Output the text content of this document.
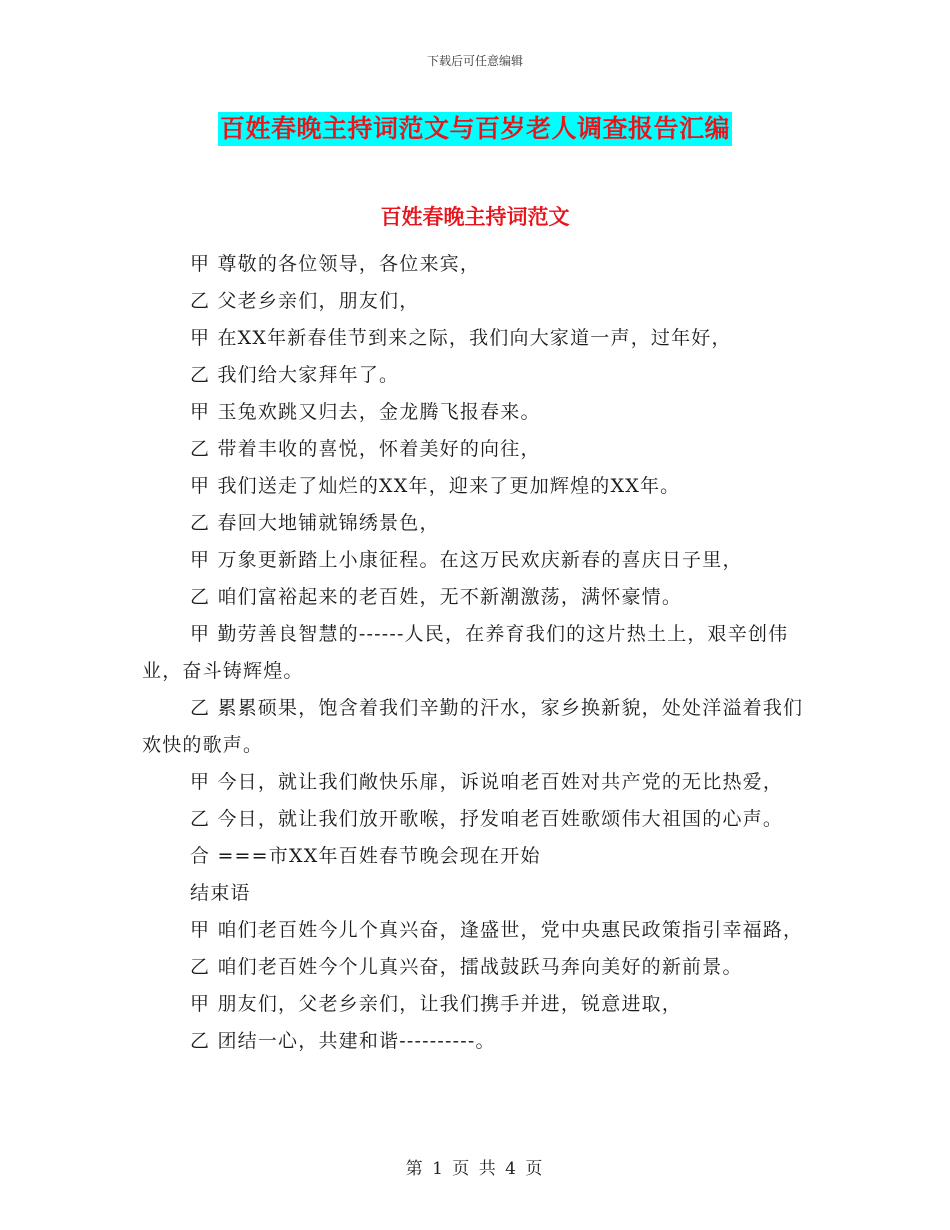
下载后可任意编辑
百姓春晚主持词范文与百岁老人调查报告汇编
百姓春晚主持词范文

甲 尊敬的各位领导，各位来宾，

乙 父老乡亲们，朋友们，

甲 在XX年新春佳节到来之际，我们向大家道一声，过年好，

乙 我们给大家拜年了。

甲 玉兔欢跳又归去，金龙腾飞报春来。

乙 带着丰收的喜悦，怀着美好的向往，

甲 我们送走了灿烂的XX年，迎来了更加辉煌的XX年。

乙 春回大地铺就锦绣景色，

甲 万象更新踏上小康征程。在这万民欢庆新春的喜庆日子里，

乙 咱们富裕起来的老百姓，无不新潮激荡，满怀豪情。

甲 勤劳善良智慧的------人民，在养育我们的这片热土上，艰辛创伟业，奋斗铸辉煌。

乙 累累硕果，饱含着我们辛勤的汗水，家乡换新貌，处处洋溢着我们欢快的歌声。

甲 今日，就让我们敞快乐扉，诉说咱老百姓对共产党的无比热爱，

乙 今日，就让我们放开歌喉，抒发咱老百姓歌颂伟大祖国的心声。

合 ===市XX年百姓春节晚会现在开始

结束语

甲 咱们老百姓今儿个真兴奋，逢盛世，党中央惠民政策指引幸福路，

乙 咱们老百姓今个儿真兴奋，擂战鼓跃马奔向美好的新前景。

甲 朋友们，父老乡亲们，让我们携手并进，锐意进取，

乙 团结一心，共建和谐----------。

第 1 页 共 4 页
